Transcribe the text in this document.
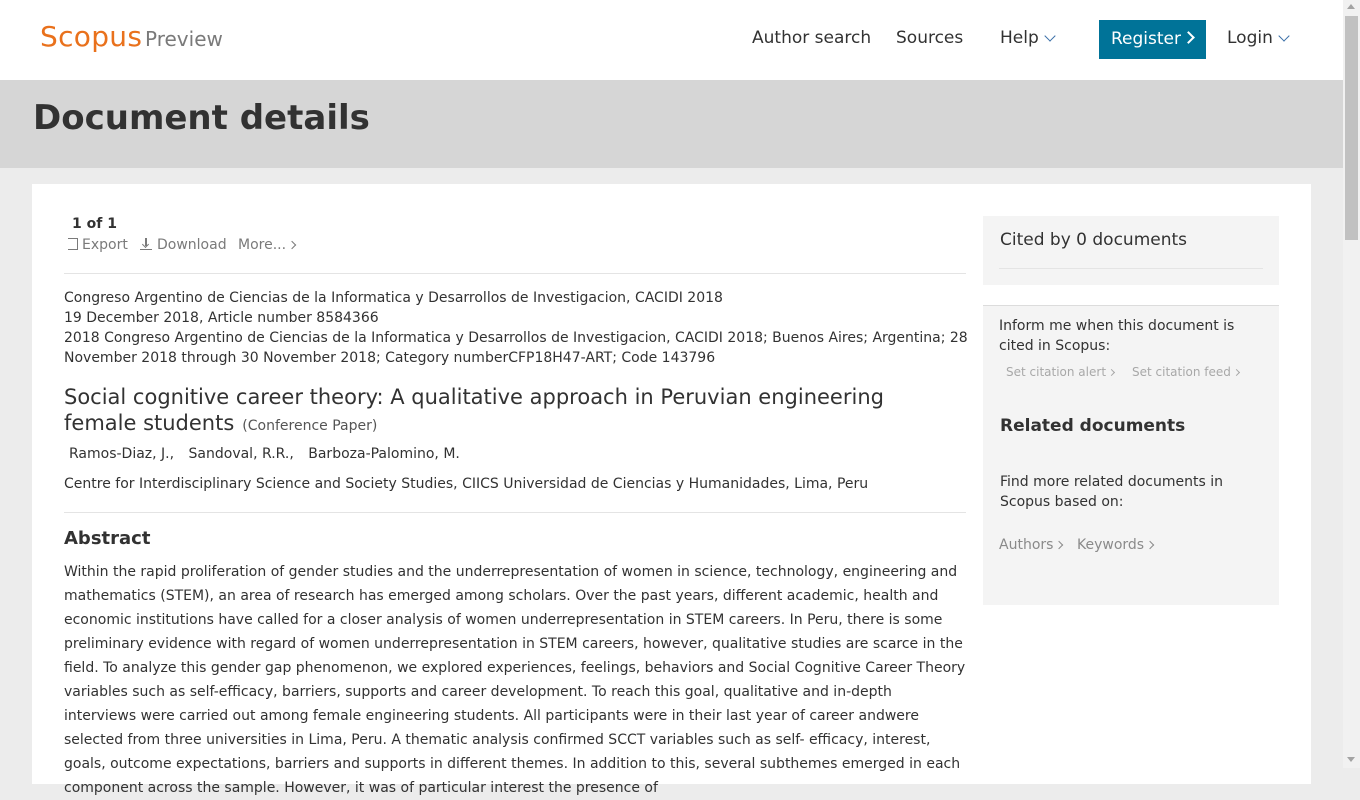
Scopus Preview	Author search Sources Help	Register	Login
Document details
1 of 1
Export	Download More...
Congreso Argentino de Ciencias de la Informatica y Desarrollos de Investigacion, CACIDI 2018
19 December 2018, Article number 8584366
2018 Congreso Argentino de Ciencias de la Informatica y Desarrollos de Investigacion, CACIDI 2018; Buenos Aires; Argentina; 28
November 2018 through 30 November 2018; Category numberCFP18H47-ART; Code 143796
Social cognitive career theory: A qualitative approach in Peruvian engineering female students (Conference Paper)
Ramos-Diaz, J., Sandoval, R.R., Barboza-Palomino, M.
Centre for Interdisciplinary Science and Society Studies, CIICS Universidad de Ciencias y Humanidades, Lima, Peru
Abstract

Within the rapid proliferation of gender studies and the underrepresentation of women in science, technology, engineering and mathematics (STEM), an area of research has emerged among scholars. Over the past years, different academic, health and economic institutions have called for a closer analysis of women underrepresentation in STEM careers. In Peru, there is some preliminary evidence with regard of women underrepresentation in STEM careers, however, qualitative studies are scarce in the field. To analyze this gender gap phenomenon, we explored experiences, feelings, behaviors and Social Cognitive Career Theory variables such as self-efficacy, barriers, supports and career development. To reach this goal, qualitative and in-depth interviews were carried out among female engineering students. All participants were in their last year of career andwere selected from three universities in Lima, Peru. A thematic analysis confirmed SCCT variables such as self- efficacy, interest, goals, outcome expectations, barriers and supports in different themes. In addition to this, several subthemes emerged in each component across the sample. However, it was of particular interest the presence of

Cited by 0 documents

Inform me when this document is cited in Scopus:

Set citation alert	Set citation feed
Related documents

Find more related documents in Scopus based on:

Authors	Keywords
